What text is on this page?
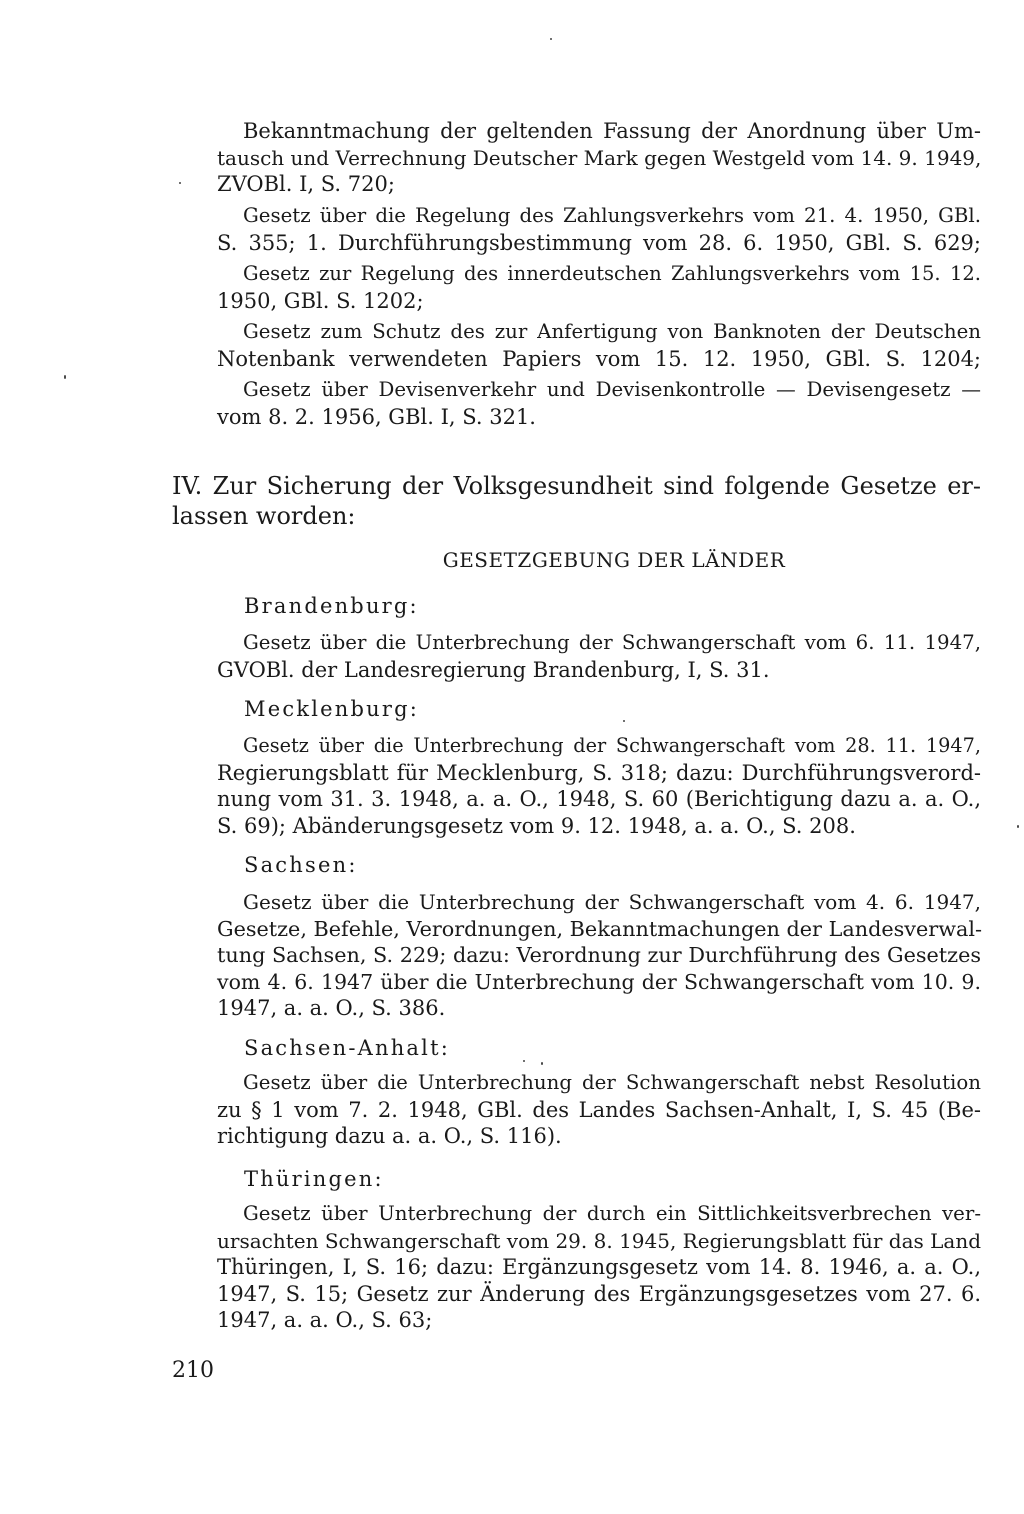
Bekanntmachung der geltenden Fassung der Anordnung über Um-
tausch und Verrechnung Deutscher Mark gegen Westgeld vom 14. 9. 1949,
ZVOBl. I, S. 720;
Gesetz über die Regelung des Zahlungsverkehrs vom 21. 4. 1950, GBl.
S. 355; 1. Durchführungsbestimmung vom 28. 6. 1950, GBl. S. 629;
Gesetz zur Regelung des innerdeutschen Zahlungsverkehrs vom 15. 12.
1950, GBl. S. 1202;
Gesetz zum Schutz des zur Anfertigung von Banknoten der Deutschen
Notenbank verwendeten Papiers vom 15. 12. 1950, GBl. S. 1204;
Gesetz über Devisenverkehr und Devisenkontrolle — Devisengesetz —
vom 8. 2. 1956, GBl. I, S. 321.
IV. Zur Sicherung der Volksgesundheit sind folgende Gesetze er-
lassen worden:
GESETZGEBUNG DER LÄNDER
Brandenburg:
Gesetz über die Unterbrechung der Schwangerschaft vom 6. 11. 1947,
GVOBl. der Landesregierung Brandenburg, I, S. 31.
Mecklenburg:
Gesetz über die Unterbrechung der Schwangerschaft vom 28. 11. 1947,
Regierungsblatt für Mecklenburg, S. 318; dazu: Durchführungsverord-
nung vom 31. 3. 1948, a. a. O., 1948, S. 60 (Berichtigung dazu a. a. O.,
S. 69); Abänderungsgesetz vom 9. 12. 1948, a. a. O., S. 208.
Sachsen:
Gesetz über die Unterbrechung der Schwangerschaft vom 4. 6. 1947,
Gesetze, Befehle, Verordnungen, Bekanntmachungen der Landesverwal-
tung Sachsen, S. 229; dazu: Verordnung zur Durchführung des Gesetzes
vom 4. 6. 1947 über die Unterbrechung der Schwangerschaft vom 10. 9.
1947, a. a. O., S. 386.
Sachsen-Anhalt:
Gesetz über die Unterbrechung der Schwangerschaft nebst Resolution
zu § 1 vom 7. 2. 1948, GBl. des Landes Sachsen-Anhalt, I, S. 45 (Be-
richtigung dazu a. a. O., S. 116).
Thüringen:
Gesetz über Unterbrechung der durch ein Sittlichkeitsverbrechen ver-
ursachten Schwangerschaft vom 29. 8. 1945, Regierungsblatt für das Land
Thüringen, I, S. 16; dazu: Ergänzungsgesetz vom 14. 8. 1946, a. a. O.,
1947, S. 15; Gesetz zur Änderung des Ergänzungsgesetzes vom 27. 6.
1947, a. a. O., S. 63;
210
